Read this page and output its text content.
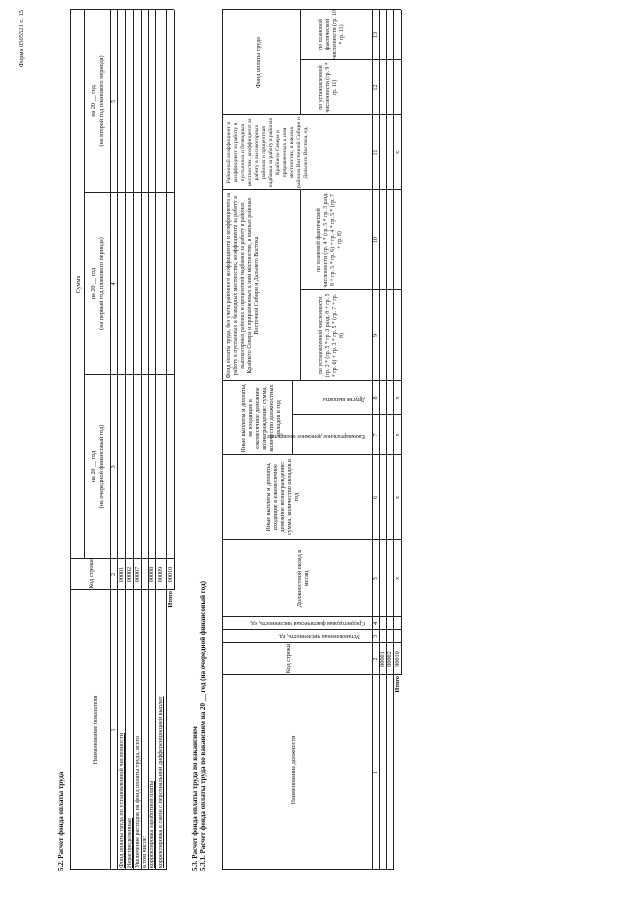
Форма 0505521 с. 15
5.2. Расчет фонда оплаты труда
Наименование показателя
Код строки
Сумма
на 20 __ год (на очередной финансовый год)
на 20 __ год (на первый год планового периода)
на 20 __ год (на второй год планового периода)
1
2
3
4
5
Фонд оплаты труда по установленной численности
00001
Нераспределенные
00002
Увеличение расходов на фонд оплаты труда, всего
00007
в том числе: корректировка заработной платы
00008
корректировка в связи с персональной дифференциацией выплат
00009
Итого
00010
5.3. Расчет фонда оплаты труда по вакансиям 5.3.1. Расчет фонда оплаты труда по вакансиям на 20 __ год (на очередной финансовый год)	Наименование должности
Код строки
Установленная численность, ед.
Среднегодовая фактическая численность, ед.
Должностной оклад в месяц
Иные выплаты и доплаты, входящие в ежемесячное денежное вознаграждение: сумма, количество окладов в год
Иные выплаты и доплаты, не входящие в ежемесячное денежное вознаграждение: сумма, количество должностных окладов в год
Ежеквартальное денежное поощрение
Другие выплаты
Фонд оплаты труда, без учета районного коэффициента и коэффициента за работу в пустынных и безводных местностях, коэффициента за работу в высокогорных районах и процентной надбавки за работу в районах Крайнего Севера и приравненных к ним местностях, в южных районах Восточной Сибири и Дальнего Востока
по установленной численности (гр. 3 * (гр. 5 * гр. 3 разд. 8 + гр. 5 * гр. 6) + гр. 3 * гр. 5 * (гр. 7 + гр. 8)
по плановой фактической численности (гр. 4 * (гр. 5 * гр. 3 разд. 8 + гр. 5 * гр. 6) + гр. 4 * гр. 5 * (гр. 7 + гр. 8)
Районный коэффициент и коэффициент за работу в пустынных и безводных местностях, коэффициент за работу в высокогорных районах и процентная надбавка за работу в районах Крайнего Севера и приравненных к ним местностях, в южных районах Восточной Сибири и Дальнего Востока, ед.
Фонд оплаты труда	по установленной численности (гр. 9 * гр. 11)
по плановой фактической численности (гр. 10 * гр. 11)
1
2
3
4
5
6
7
8
9
10
11
12
13
00001 00002
Итого
90010
х
х
х
х
х
